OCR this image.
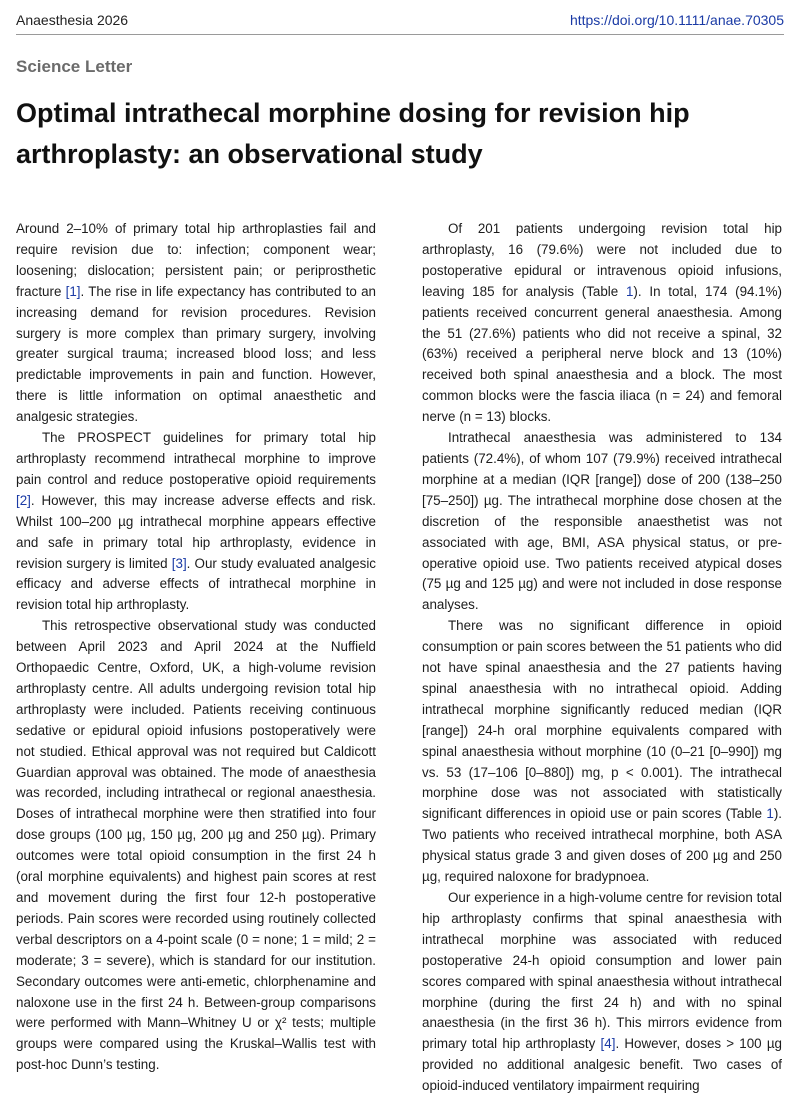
Anaesthesia 2026	https://doi.org/10.1111/anae.70305
Science Letter
Optimal intrathecal morphine dosing for revision hip arthroplasty: an observational study

Around 2–10% of primary total hip arthroplasties fail and require revision due to: infection; component wear; loosening; dislocation; persistent pain; or periprosthetic fracture [1]. The rise in life expectancy has contributed to an increasing demand for revision procedures. Revision surgery is more complex than primary surgery, involving greater surgical trauma; increased blood loss; and less predictable improvements in pain and function. However, there is little information on optimal anaesthetic and analgesic strategies.

The PROSPECT guidelines for primary total hip arthroplasty recommend intrathecal morphine to improve pain control and reduce postoperative opioid requirements [2]. However, this may increase adverse effects and risk. Whilst 100–200 µg intrathecal morphine appears effective and safe in primary total hip arthroplasty, evidence in revision surgery is limited [3]. Our study evaluated analgesic efficacy and adverse effects of intrathecal morphine in revision total hip arthroplasty.

This retrospective observational study was conducted between April 2023 and April 2024 at the Nuffield Orthopaedic Centre, Oxford, UK, a high-volume revision arthroplasty centre. All adults undergoing revision total hip arthroplasty were included. Patients receiving continuous sedative or epidural opioid infusions postoperatively were not studied. Ethical approval was not required but Caldicott Guardian approval was obtained. The mode of anaesthesia was recorded, including intrathecal or regional anaesthesia. Doses of intrathecal morphine were then stratified into four dose groups (100 µg, 150 µg, 200 µg and 250 µg). Primary outcomes were total opioid consumption in the first 24 h (oral morphine equivalents) and highest pain scores at rest and movement during the first four 12-h postoperative periods. Pain scores were recorded using routinely collected verbal descriptors on a 4-point scale (0 = none; 1 = mild; 2 = moderate; 3 = severe), which is standard for our institution. Secondary outcomes were anti-emetic, chlorphenamine and naloxone use in the first 24 h. Between-group comparisons were performed with Mann–Whitney U or χ² tests; multiple groups were compared using the Kruskal–Wallis test with post-hoc Dunn’s testing.

Of 201 patients undergoing revision total hip arthroplasty, 16 (79.6%) were not included due to postoperative epidural or intravenous opioid infusions, leaving 185 for analysis (Table 1). In total, 174 (94.1%) patients received concurrent general anaesthesia. Among the 51 (27.6%) patients who did not receive a spinal, 32 (63%) received a peripheral nerve block and 13 (10%) received both spinal anaesthesia and a block. The most common blocks were the fascia iliaca (n = 24) and femoral nerve (n = 13) blocks.

Intrathecal anaesthesia was administered to 134 patients (72.4%), of whom 107 (79.9%) received intrathecal morphine at a median (IQR [range]) dose of 200 (138–250 [75–250]) µg. The intrathecal morphine dose chosen at the discretion of the responsible anaesthetist was not associated with age, BMI, ASA physical status, or pre-operative opioid use. Two patients received atypical doses (75 µg and 125 µg) and were not included in dose response analyses.

There was no significant difference in opioid consumption or pain scores between the 51 patients who did not have spinal anaesthesia and the 27 patients having spinal anaesthesia with no intrathecal opioid. Adding intrathecal morphine significantly reduced median (IQR [range]) 24-h oral morphine equivalents compared with spinal anaesthesia without morphine (10 (0–21 [0–990]) mg vs. 53 (17–106 [0–880]) mg, p < 0.001). The intrathecal morphine dose was not associated with statistically significant differences in opioid use or pain scores (Table 1). Two patients who received intrathecal morphine, both ASA physical status grade 3 and given doses of 200 µg and 250 µg, required naloxone for bradypnoea.

Our experience in a high-volume centre for revision total hip arthroplasty confirms that spinal anaesthesia with intrathecal morphine was associated with reduced postoperative 24-h opioid consumption and lower pain scores compared with spinal anaesthesia without intrathecal morphine (during the first 24 h) and with no spinal anaesthesia (in the first 36 h). This mirrors evidence from primary total hip arthroplasty [4]. However, doses > 100 µg provided no additional analgesic benefit. Two cases of opioid-induced ventilatory impairment requiring
